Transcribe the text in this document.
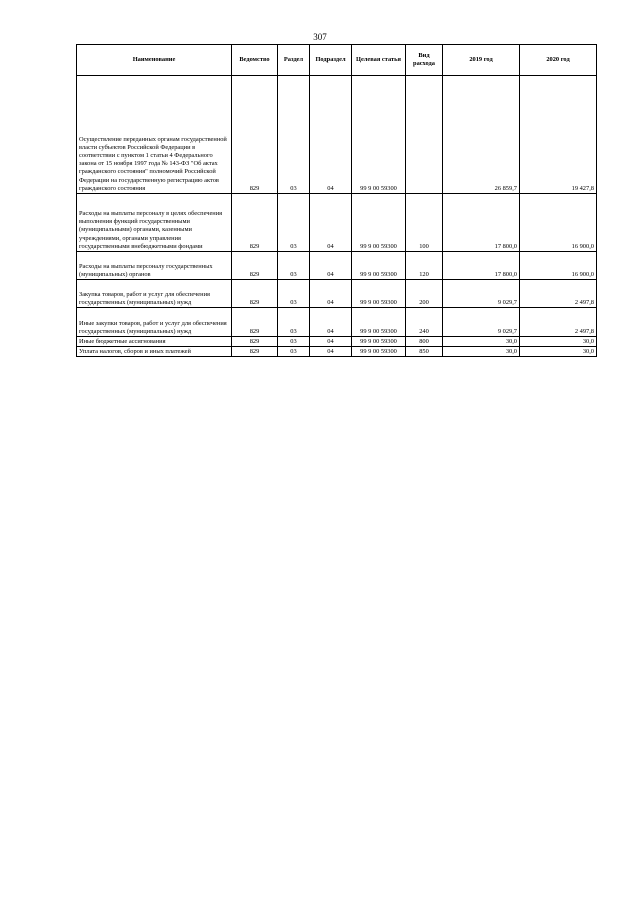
307
Наименование	Ведомство	Раздел	Подраздел	Целевая статья	Вид расхода	2019 год	2020 год
Осуществление переданных органам государственной власти субъектов Российской Федерации в соответствии с пунктом 1 статьи 4 Федерального закона от 15 ноября 1997 года № 143-ФЗ "Об актах гражданского состояния" полномочий Российской Федерации на государственную регистрацию актов гражданского состояния	829	03	04	99 9 00 59300		26 859,7	19 427,8
Расходы на выплаты персоналу в целях обеспечения выполнения функций государственными (муниципальными) органами, казенными учреждениями, органами управления государственными внебюджетными фондами	829	03	04	99 9 00 59300	100	17 800,0	16 900,0
Расходы на выплаты персоналу государственных (муниципальных) органов	829	03	04	99 9 00 59300	120	17 800,0	16 900,0
Закупка товаров, работ и услуг для обеспечения государственных (муниципальных) нужд	829	03	04	99 9 00 59300	200	9 029,7	2 497,8
Иные закупки товаров, работ и услуг для обеспечения государственных (муниципальных) нужд	829	03	04	99 9 00 59300	240	9 029,7	2 497,8
Иные бюджетные ассигнования	829	03	04	99 9 00 59300	800	30,0	30,0
Уплата налогов, сборов и иных платежей	829	03	04	99 9 00 59300	850	30,0	30,0
